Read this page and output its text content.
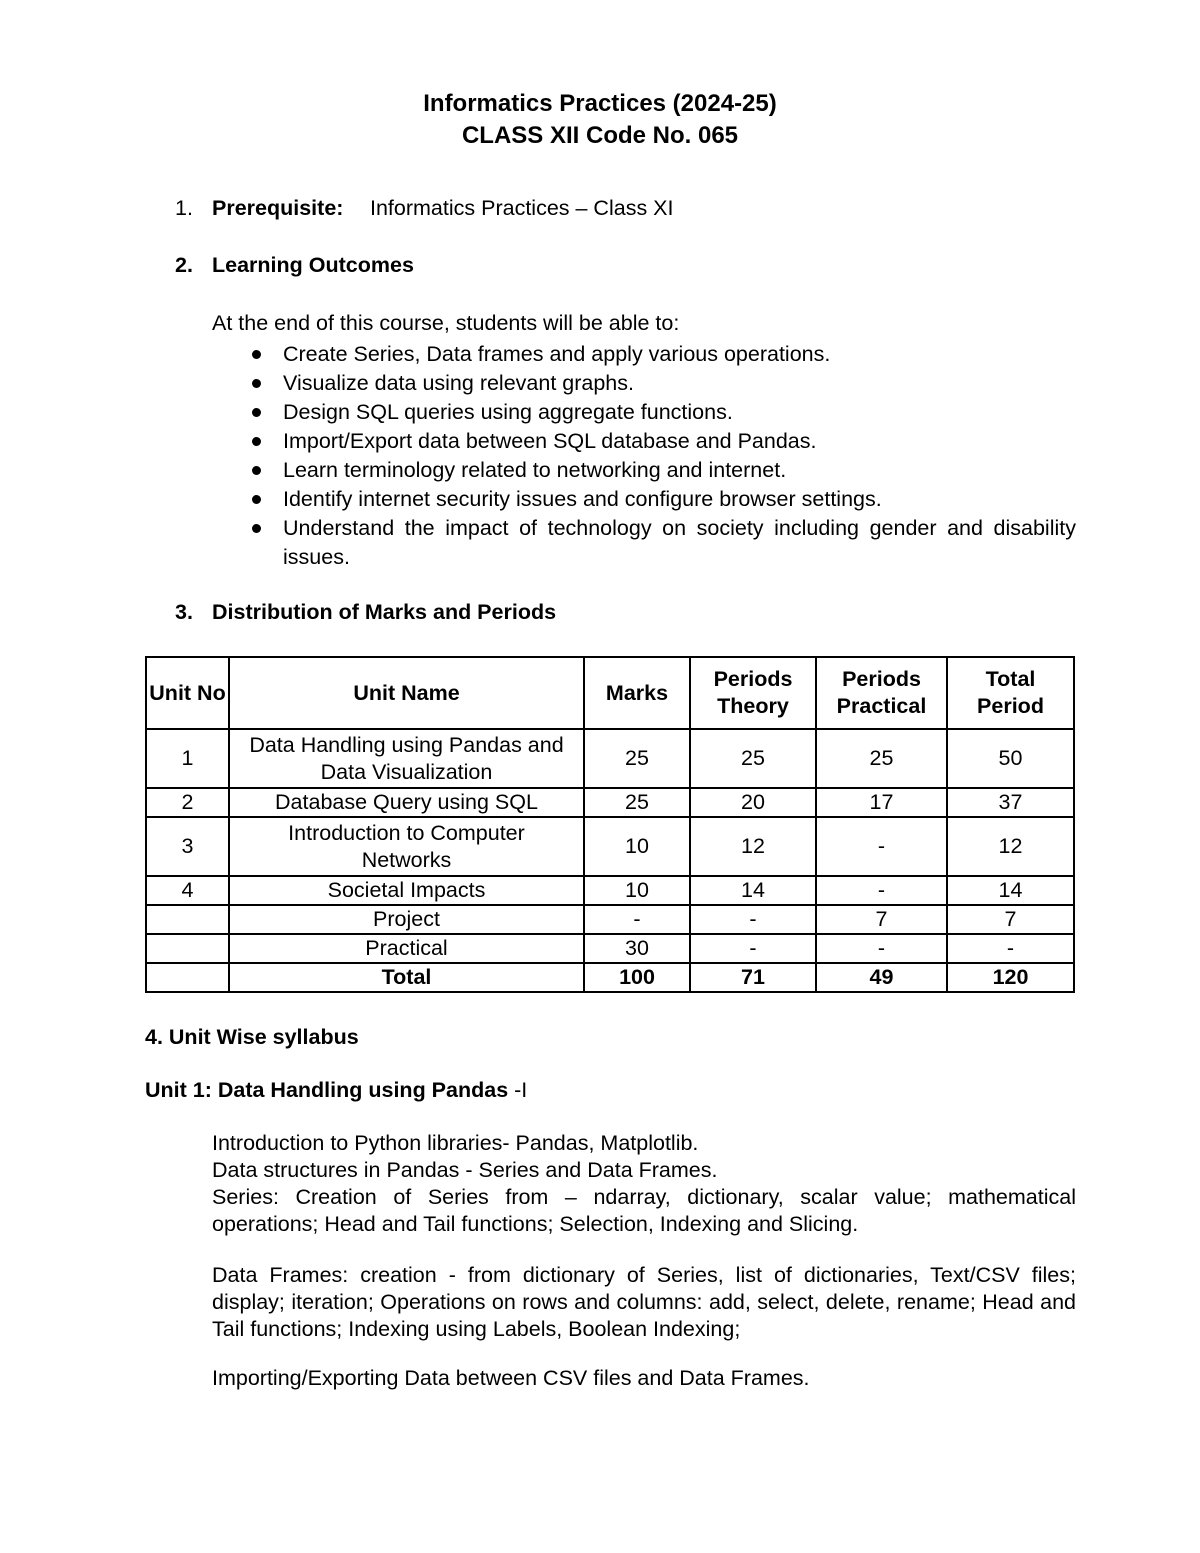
Informatics Practices (2024-25)
CLASS XII Code No. 065
1. Prerequisite: Informatics Practices – Class XI
2. Learning Outcomes
At the end of this course, students will be able to:
Create Series, Data frames and apply various operations.
Visualize data using relevant graphs.
Design SQL queries using aggregate functions.
Import/Export data between SQL database and Pandas.
Learn terminology related to networking and internet.
Identify internet security issues and configure browser settings.
Understand the impact of technology on society including gender and disability issues.
3. Distribution of Marks and Periods
Unit No	Unit Name	Marks	Periods Theory	Periods Practical	Total Period
1	Data Handling using Pandas and Data Visualization	25	25	25	50
2	Database Query using SQL	25	20	17	37
3	Introduction to Computer Networks	10	12	-	12
4	Societal Impacts	10	14	-	14
	Project	-	-	7	7
	Practical	30	-	-	-
	Total	100	71	49	120
4. Unit Wise syllabus
Unit 1: Data Handling using Pandas -I
Introduction to Python libraries- Pandas, Matplotlib.
Data structures in Pandas - Series and Data Frames.
Series: Creation of Series from – ndarray, dictionary, scalar value; mathematical operations; Head and Tail functions; Selection, Indexing and Slicing.
Data Frames: creation - from dictionary of Series, list of dictionaries, Text/CSV files; display; iteration; Operations on rows and columns: add, select, delete, rename; Head and Tail functions; Indexing using Labels, Boolean Indexing;
Importing/Exporting Data between CSV files and Data Frames.
